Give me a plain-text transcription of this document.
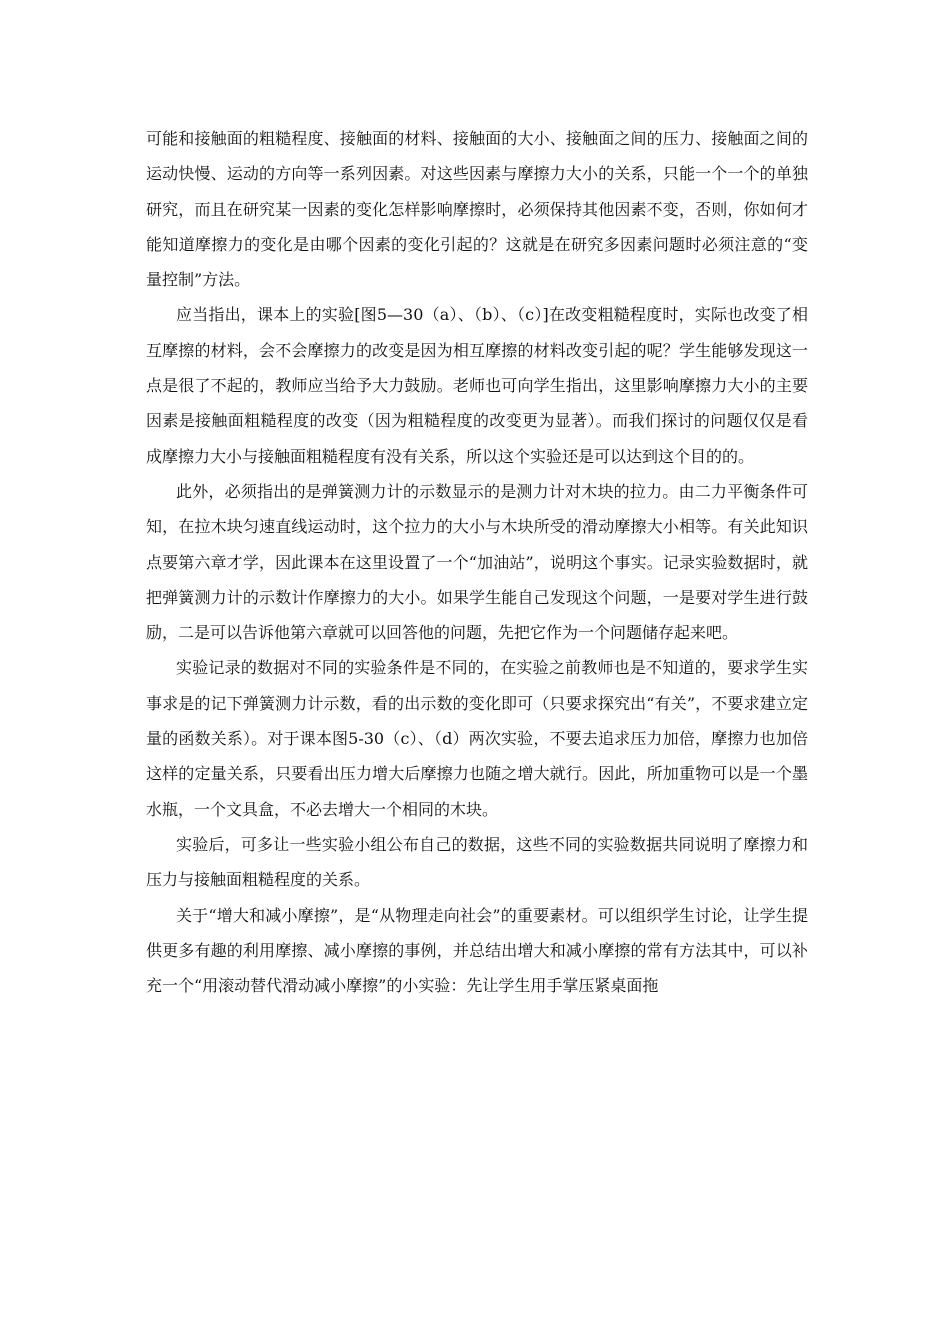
可能和接触面的粗糙程度、接触面的材料、接触面的大小、接触面之间的压力、接触面之间的运动快慢、运动的方向等一系列因素。对这些因素与摩擦力大小的关系，只能一个一个的单独研究，而且在研究某一因素的变化怎样影响摩擦时，必须保持其他因素不变，否则，你如何才能知道摩擦力的变化是由哪个因素的变化引起的？这就是在研究多因素问题时必须注意的“变量控制”方法。

应当指出，课本上的实验[图5—30（a）、（b）、（c）]在改变粗糙程度时，实际也改变了相互摩擦的材料，会不会摩擦力的改变是因为相互摩擦的材料改变引起的呢？学生能够发现这一点是很了不起的，教师应当给予大力鼓励。老师也可向学生指出，这里影响摩擦力大小的主要因素是接触面粗糙程度的改变（因为粗糙程度的改变更为显著）。而我们探讨的问题仅仅是看成摩擦力大小与接触面粗糙程度有没有关系，所以这个实验还是可以达到这个目的的。

此外，必须指出的是弹簧测力计的示数显示的是测力计对木块的拉力。由二力平衡条件可知，在拉木块匀速直线运动时，这个拉力的大小与木块所受的滑动摩擦大小相等。有关此知识点要第六章才学，因此课本在这里设置了一个“加油站”，说明这个事实。记录实验数据时，就把弹簧测力计的示数计作摩擦力的大小。如果学生能自己发现这个问题，一是要对学生进行鼓励，二是可以告诉他第六章就可以回答他的问题，先把它作为一个问题储存起来吧。

实验记录的数据对不同的实验条件是不同的，在实验之前教师也是不知道的，要求学生实事求是的记下弹簧测力计示数，看的出示数的变化即可（只要求探究出“有关”，不要求建立定量的函数关系）。对于课本图5-30（c）、（d）两次实验，不要去追求压力加倍，摩擦力也加倍这样的定量关系，只要看出压力增大后摩擦力也随之增大就行。因此，所加重物可以是一个墨水瓶，一个文具盒，不必去增大一个相同的木块。

实验后，可多让一些实验小组公布自己的数据，这些不同的实验数据共同说明了摩擦力和压力与接触面粗糙程度的关系。

关于“增大和减小摩擦”，是“从物理走向社会”的重要素材。可以组织学生讨论，让学生提供更多有趣的利用摩擦、减小摩擦的事例，并总结出增大和减小摩擦的常有方法其中，可以补充一个“用滚动替代滑动减小摩擦”的小实验：先让学生用手掌压紧桌面拖
